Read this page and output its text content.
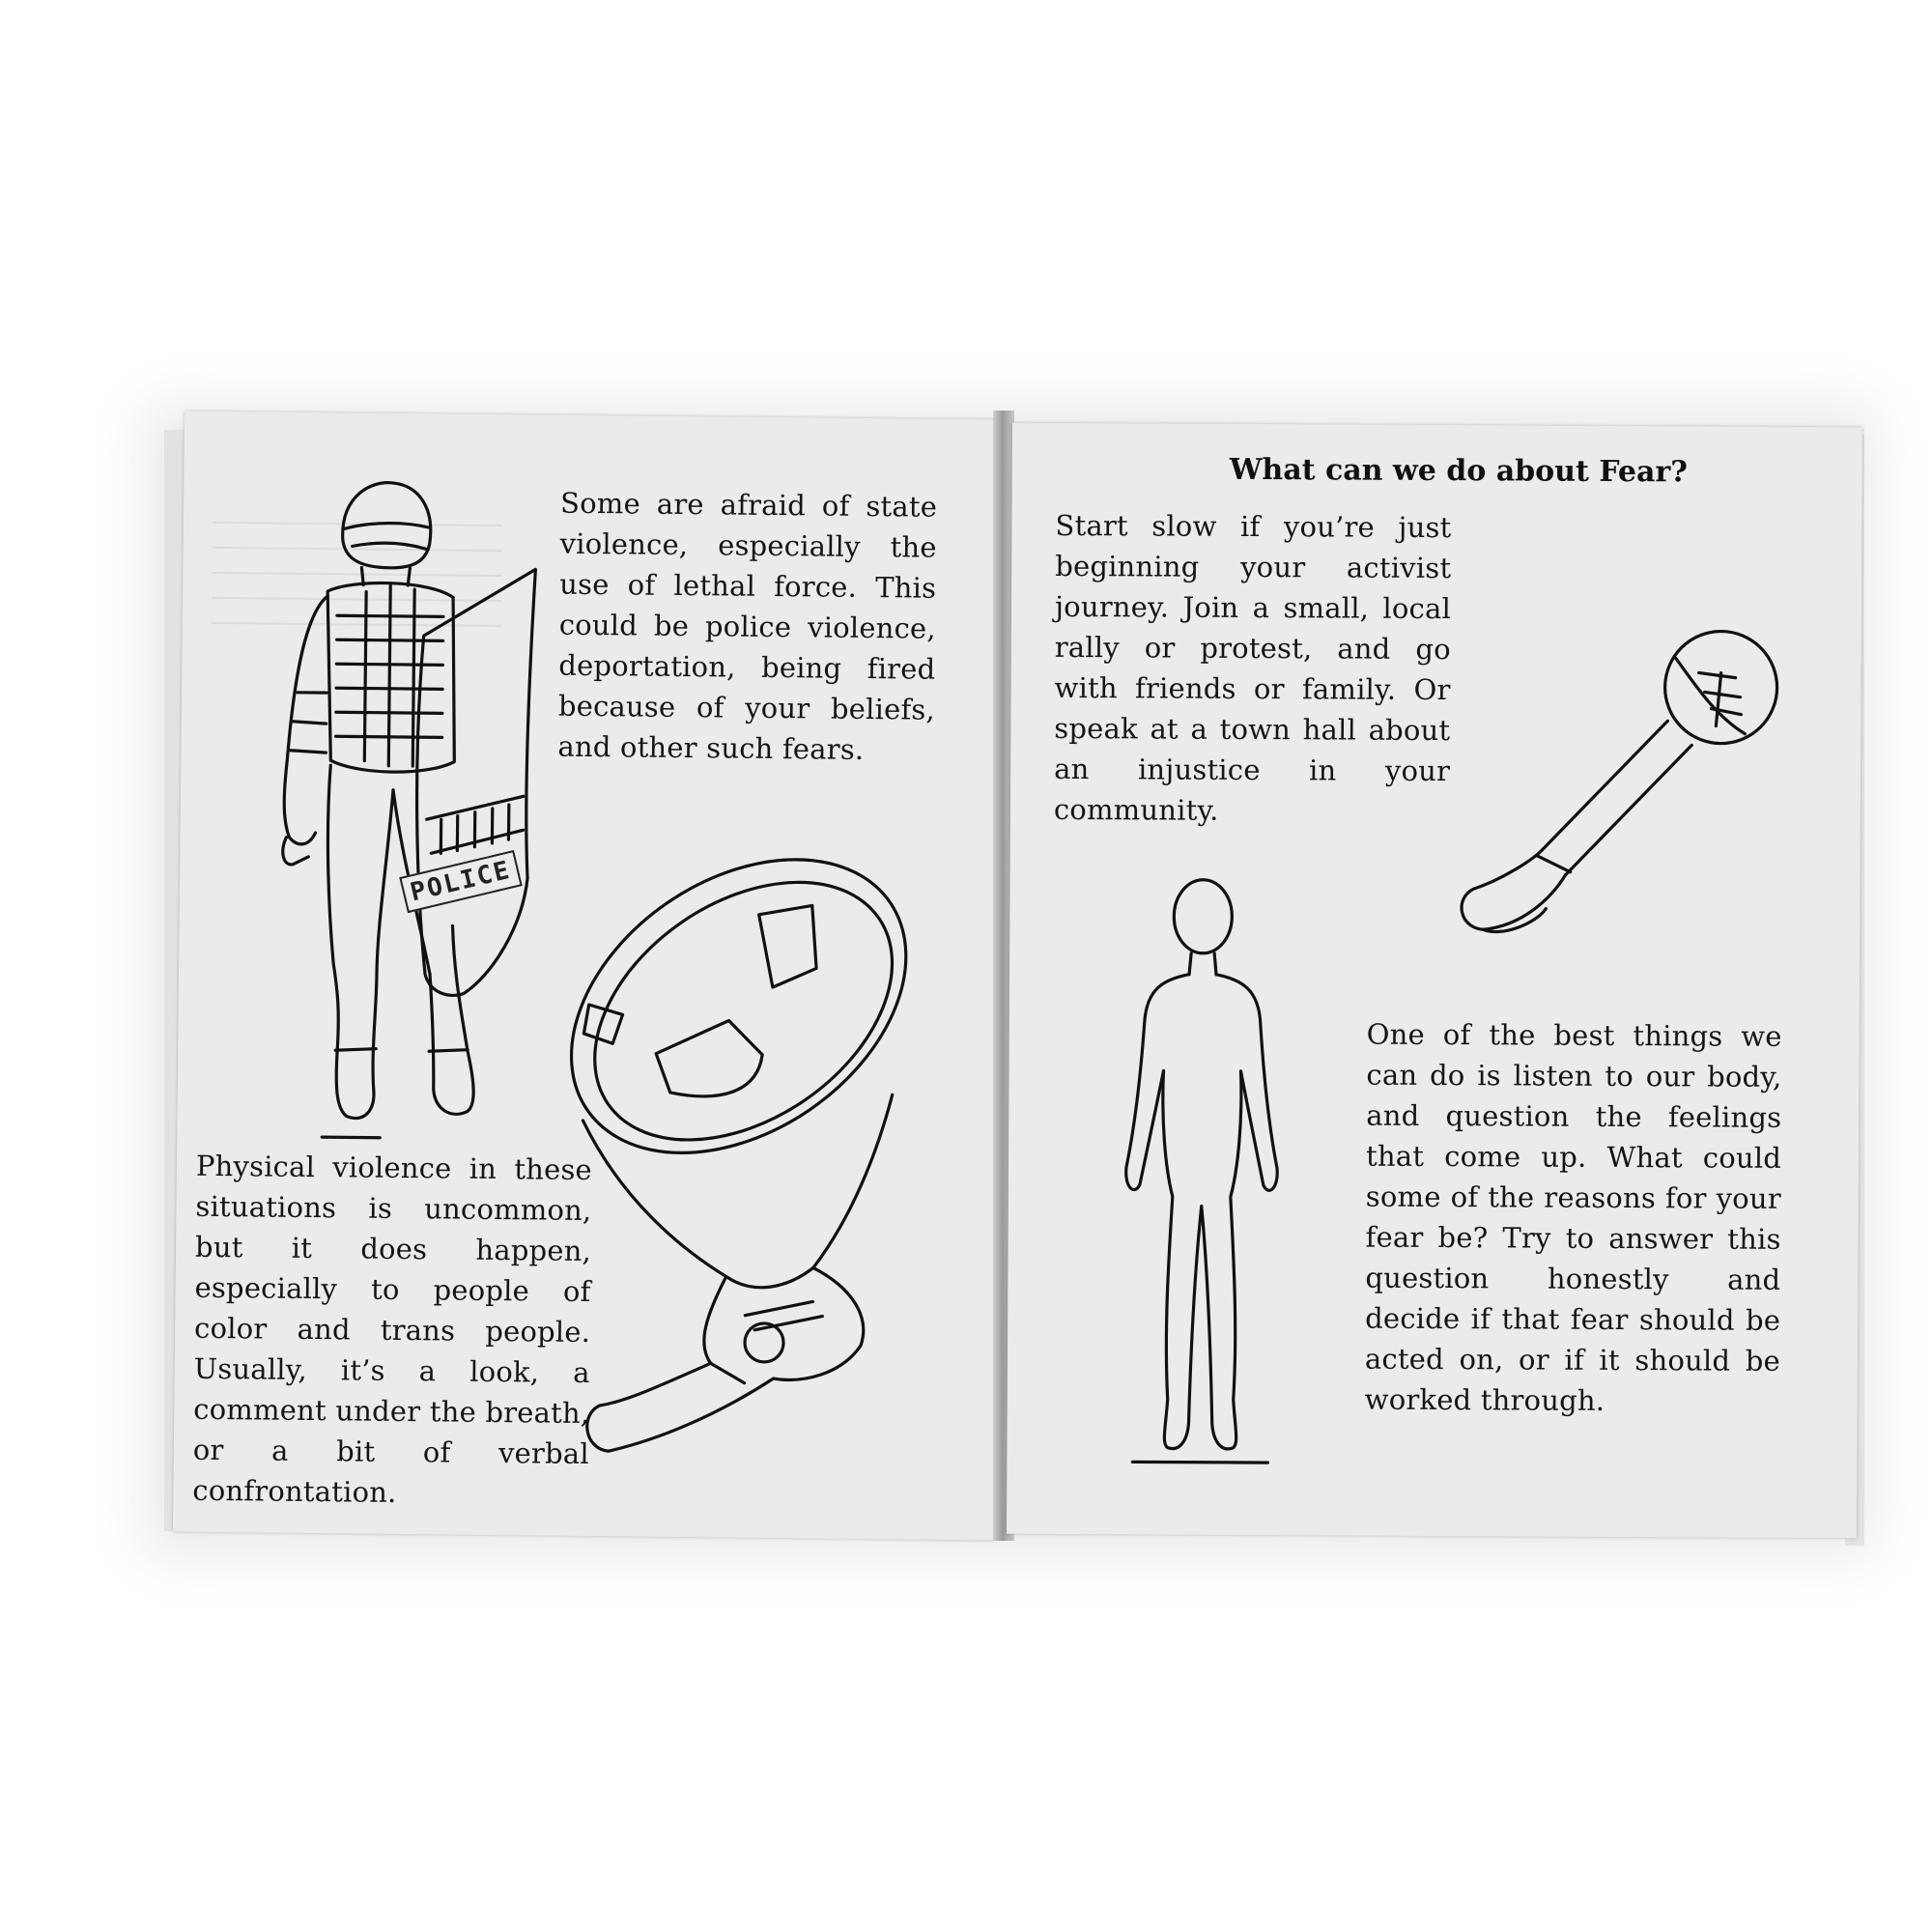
POLICE
Some are afraid of state violence, especially the use of lethal force. This could be police violence, deportation, being fired because of your beliefs, and other such fears.
Physical violence in these situations is uncommon, but it does happen, especially to people of color and trans people. Usually, it’s a look, a comment under the breath, or a bit of verbal confrontation.
What can we do about Fear?
Start slow if you’re just beginning your activist journey. Join a small, local rally or protest, and go with friends or family. Or speak at a town hall about an injustice in your community.
One of the best things we can do is listen to our body, and question the feelings that come up. What could some of the reasons for your fear be? Try to answer this question honestly and decide if that fear should be acted on, or if it should be worked through.
